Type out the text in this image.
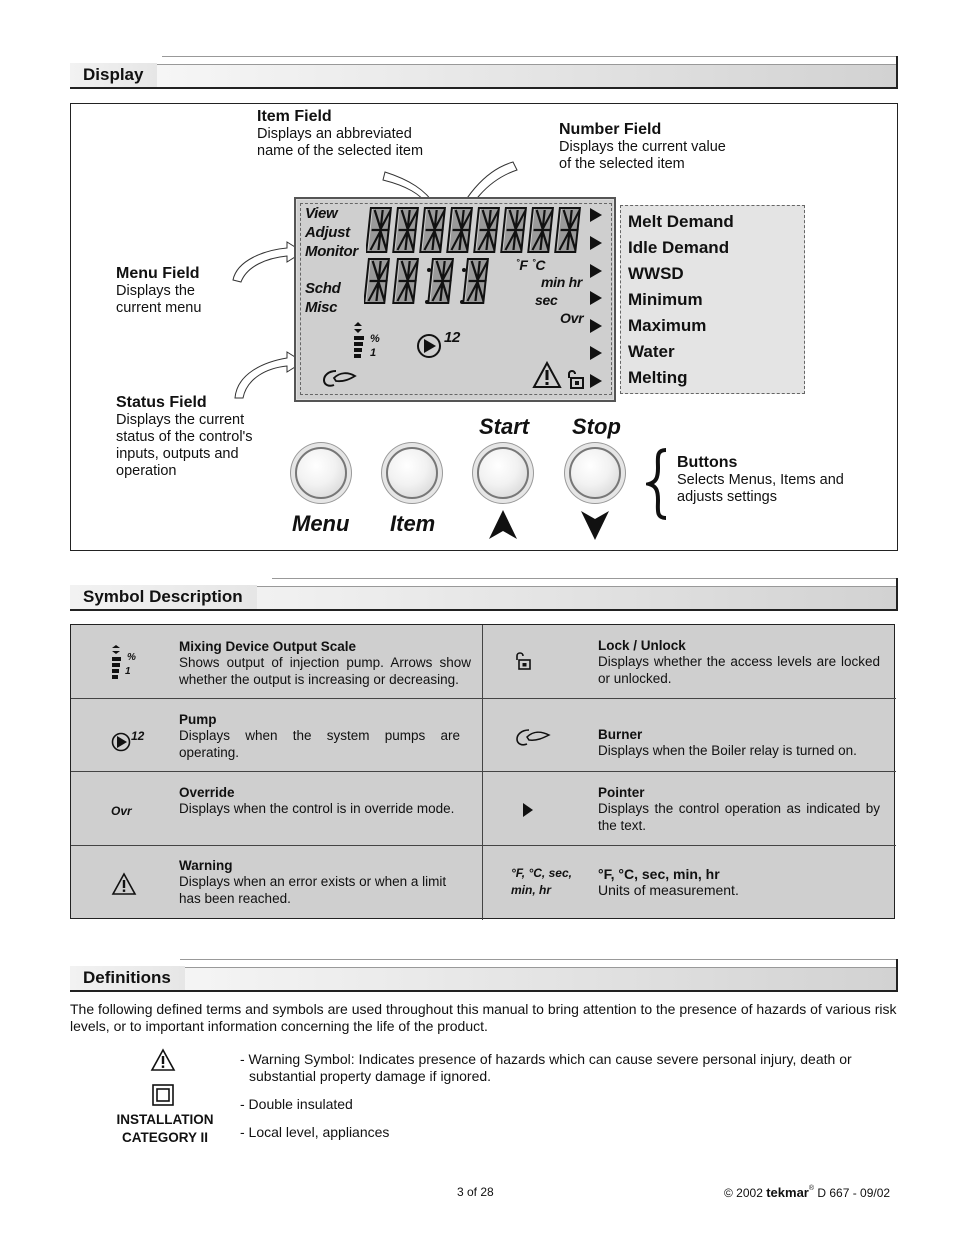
Display
Item Field
Displays an abbreviated
name of the selected item
Number Field
Displays the current value
of the selected item
Menu Field
Displays the
current menu
Status Field
Displays the current
status of the control's
inputs, outputs and
operation
View
Adjust
Monitor
Schd
Misc
°F °C
min hr
sec
Ovr
%
1
12
Melt Demand
Idle Demand
WWSD
Minimum
Maximum
Water
Melting
Start Stop
Menu Item
Buttons
Selects Menus, Items and
adjusts settings
Symbol Description
%
1
Mixing Device Output Scale
Shows output of injection pump. Arrows show whether the output is increasing or decreasing.
Lock / Unlock
Displays whether the access levels are locked or unlocked.
12
Pump
Displays when the system pumps are operating.
Burner
Displays when the Boiler relay is turned on.
Ovr
Override
Displays when the control is in override mode.
Pointer
Displays the control operation as indicated by the text.
Warning
Displays when an error exists or when a limit has been reached.
°F, °C, sec,
min, hr
°F, °C, sec, min, hr
Units of measurement.
Definitions
The following defined terms and symbols are used throughout this manual to bring attention to the presence of hazards of various risk
levels, or to important information concerning the life of the product.
INSTALLATION
CATEGORY II
- Warning Symbol: Indicates presence of hazards which can cause severe personal injury, death or
substantial property damage if ignored.
- Double insulated
- Local level, appliances
3 of 28	© 2002 tekmar® D 667 - 09/02
